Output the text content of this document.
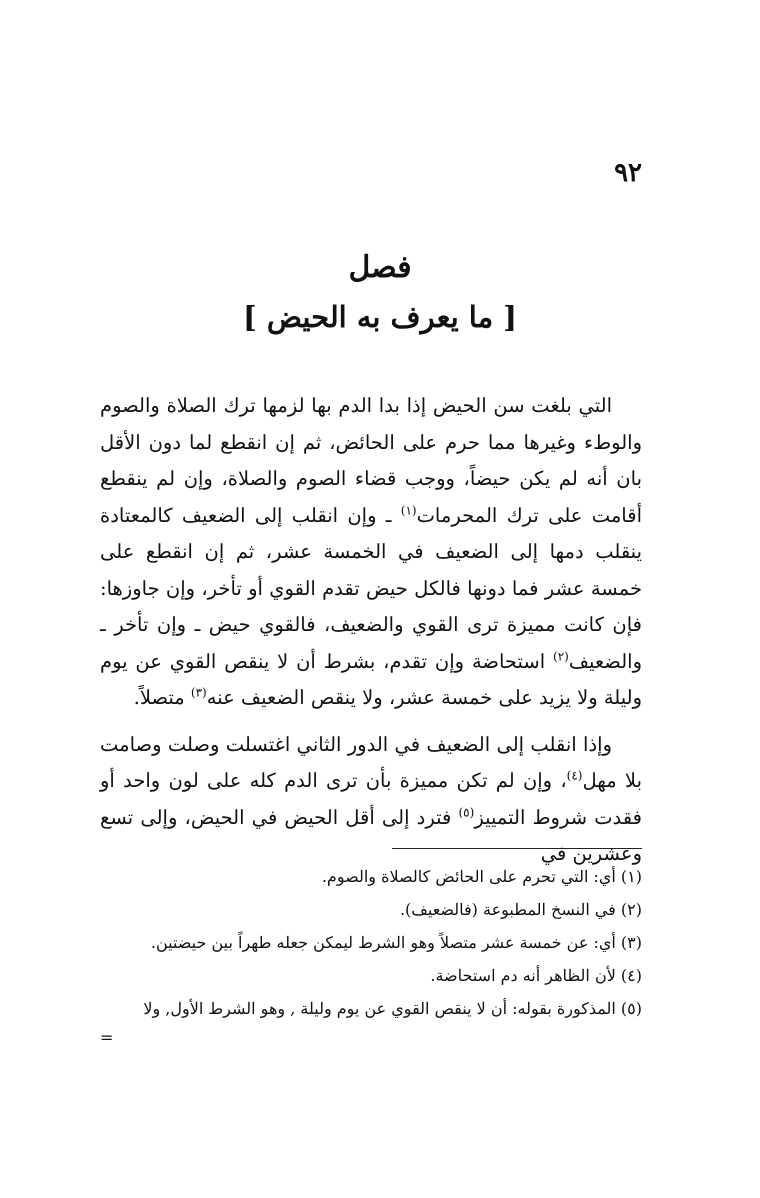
٩٢
فصل
[ ما يعرف به الحيض ]

التي بلغت سن الحيض إذا بدا الدم بها لزمها ترك الصلاة والصوم والوطء وغيرها مما حرم على الحائض، ثم إن انقطع لما دون الأقل بان أنه لم يكن حيضاً، ووجب قضاء الصوم والصلاة، وإن لم ينقطع أقامت على ترك المحرمات$^{(١)}$ ـ وإن انقلب إلى الضعيف كالمعتادة ينقلب دمها إلى الضعيف في الخمسة عشر، ثم إن انقطع على خمسة عشر فما دونها فالكل حيض تقدم القوي أو تأخر، وإن جاوزها: فإن كانت مميزة ترى القوي والضعيف، فالقوي حيض ـ وإن تأخر ـ والضعيف$^{(٢)}$ استحاضة وإن تقدم، بشرط أن لا ينقص القوي عن يوم وليلة ولا يزيد على خمسة عشر، ولا ينقص الضعيف عنه$^{(٣)}$ متصلاً.

وإذا انقلب إلى الضعيف في الدور الثاني اغتسلت وصلت وصامت بلا مهل$^{(٤)}$، وإن لم تكن مميزة بأن ترى الدم كله على لون واحد أو فقدت شروط التمييز$^{(٥)}$ فترد إلى أقل الحيض في الحيض، وإلى تسع وعشرين في

(١) أي: التي تحرم على الحائض كالصلاة والصوم.
(٢) في النسخ المطبوعة (فالضعيف).
(٣) أي: عن خمسة عشر متصلاً وهو الشرط ليمكن جعله طهراً بين حيضتين.
(٤) لأن الظاهر أنه دم استحاضة.
(٥) المذكورة بقوله: أن لا ينقص القوي عن يوم وليلة , وهو الشرط الأول, ولا
=
